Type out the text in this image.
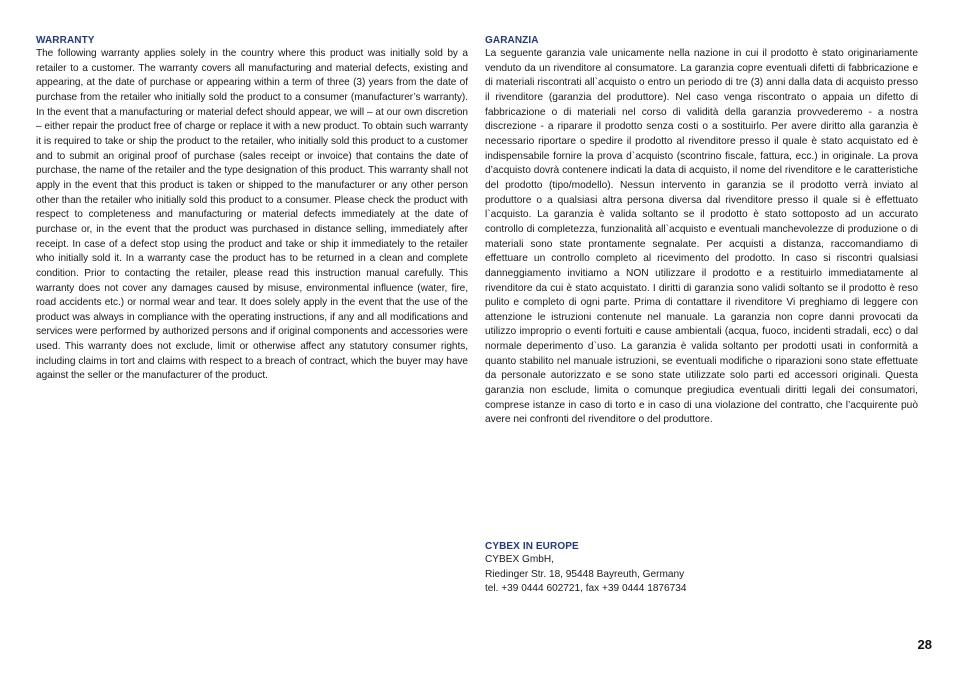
WARRANTY

The following warranty applies solely in the country where this product was initially sold by a retailer to a customer. The warranty covers all manufacturing and material defects, existing and appearing, at the date of purchase or appearing within a term of three (3) years from the date of purchase from the retailer who initially sold the product to a consumer (manufacturer’s warranty). In the event that a manufacturing or material defect should appear, we will – at our own discretion – either repair the product free of charge or replace it with a new product. To obtain such warranty it is required to take or ship the product to the retailer, who initially sold this product to a customer and to submit an original proof of purchase (sales receipt or invoice) that contains the date of purchase, the name of the retailer and the type designation of this product. This warranty shall not apply in the event that this product is taken or shipped to the manufacturer or any other person other than the retailer who initially sold this product to a consumer. Please check the product with respect to completeness and manufacturing or material defects immediately at the date of purchase or, in the event that the product was purchased in distance selling, immediately after receipt. In case of a defect stop using the product and take or ship it immediately to the retailer who initially sold it. In a warranty case the product has to be returned in a clean and complete condition. Prior to contacting the retailer, please read this instruction manual carefully. This warranty does not cover any damages caused by misuse, environmental influence (water, fire, road accidents etc.) or normal wear and tear. It does solely apply in the event that the use of the product was always in compliance with the operating instructions, if any and all modifications and services were performed by authorized persons and if original components and accessories were used. This warranty does not exclude, limit or otherwise affect any statutory consumer rights, including claims in tort and claims with respect to a breach of contract, which the buyer may have against the seller or the manufacturer of the product.

GARANZIA

La seguente garanzia vale unicamente nella nazione in cui il prodotto è stato originariamente venduto da un rivenditore al consumatore. La garanzia copre eventuali difetti di fabbricazione e di materiali riscontrati all`acquisto o entro un periodo di tre (3) anni dalla data di acquisto presso il rivenditore (garanzia del produttore). Nel caso venga riscontrato o appaia un difetto di fabbricazione o di materiali nel corso di validità della garanzia provvederemo - a nostra discrezione - a riparare il prodotto senza costi o a sostituirlo. Per avere diritto alla garanzia è necessario riportare o spedire il prodotto al rivenditore presso il quale è stato acquistato ed è indispensabile fornire la prova d`acquisto (scontrino fiscale, fattura, ecc.) in originale. La prova d’acquisto dovrà contenere indicati la data di acquisto, il nome del rivenditore e le caratteristiche del prodotto (tipo/modello). Nessun intervento in garanzia se il prodotto verrà inviato al produttore o a qualsiasi altra persona diversa dal rivenditore presso il quale si è effettuato l`acquisto. La garanzia è valida soltanto se il prodotto è stato sottoposto ad un accurato controllo di completezza, funzionalità all`acquisto e eventuali manchevolezze di produzione o di materiali sono state prontamente segnalate. Per acquisti a distanza, raccomandiamo di effettuare un controllo completo al ricevimento del prodotto. In caso si riscontri qualsiasi danneggiamento invitiamo a NON utilizzare il prodotto e a restituirlo immediatamente al rivenditore da cui è stato acquistato. I diritti di garanzia sono validi soltanto se il prodotto è reso pulito e completo di ogni parte. Prima di contattare il rivenditore Vi preghiamo di leggere con attenzione le istruzioni contenute nel manuale. La garanzia non copre danni provocati da utilizzo improprio o eventi fortuiti e cause ambientali (acqua, fuoco, incidenti stradali, ecc) o dal normale deperimento d`uso. La garanzia è valida soltanto per prodotti usati in conformità a quanto stabilito nel manuale istruzioni, se eventuali modifiche o riparazioni sono state effettuate da personale autorizzato e se sono state utilizzate solo parti ed accessori originali. Questa garanzia non esclude, limita o comunque pregiudica eventuali diritti legali dei consumatori, comprese istanze in caso di torto e in caso di una violazione del contratto, che l’acquirente può avere nei confronti del rivenditore o del produttore.

CYBEX IN EUROPE

CYBEX GmbH,

Riedinger Str. 18, 95448 Bayreuth, Germany

tel. +39 0444 602721, fax +39 0444 1876734

28
